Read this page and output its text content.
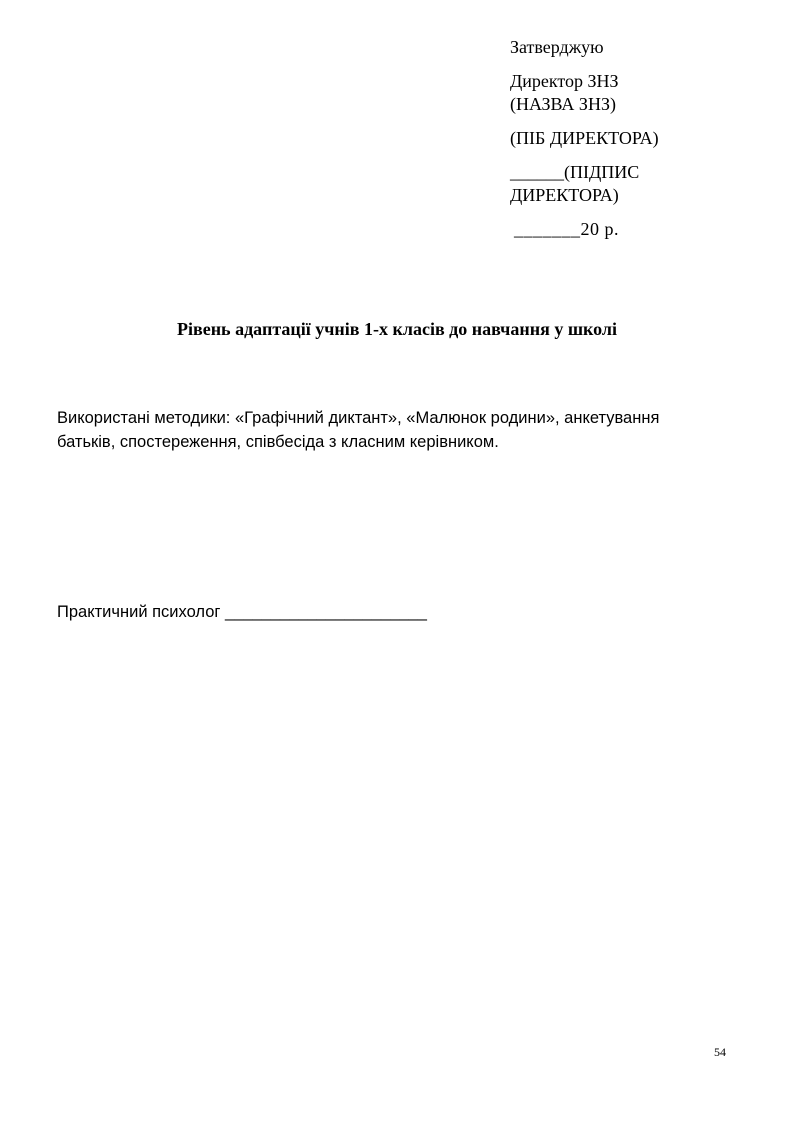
Затверджую
Директор ЗНЗ
(НАЗВА ЗНЗ)
(ПІБ ДИРЕКТОРА)
______(ПІДПИС
ДИРЕКТОРА)
_______20 р.
Рівень адаптації учнів 1-х класів до навчання у школі
Використані методики: «Графічний диктант», «Малюнок родини», анкетування
батьків, спостереження, співбесіда з класним керівником.
Практичний психолог ______________________
54
